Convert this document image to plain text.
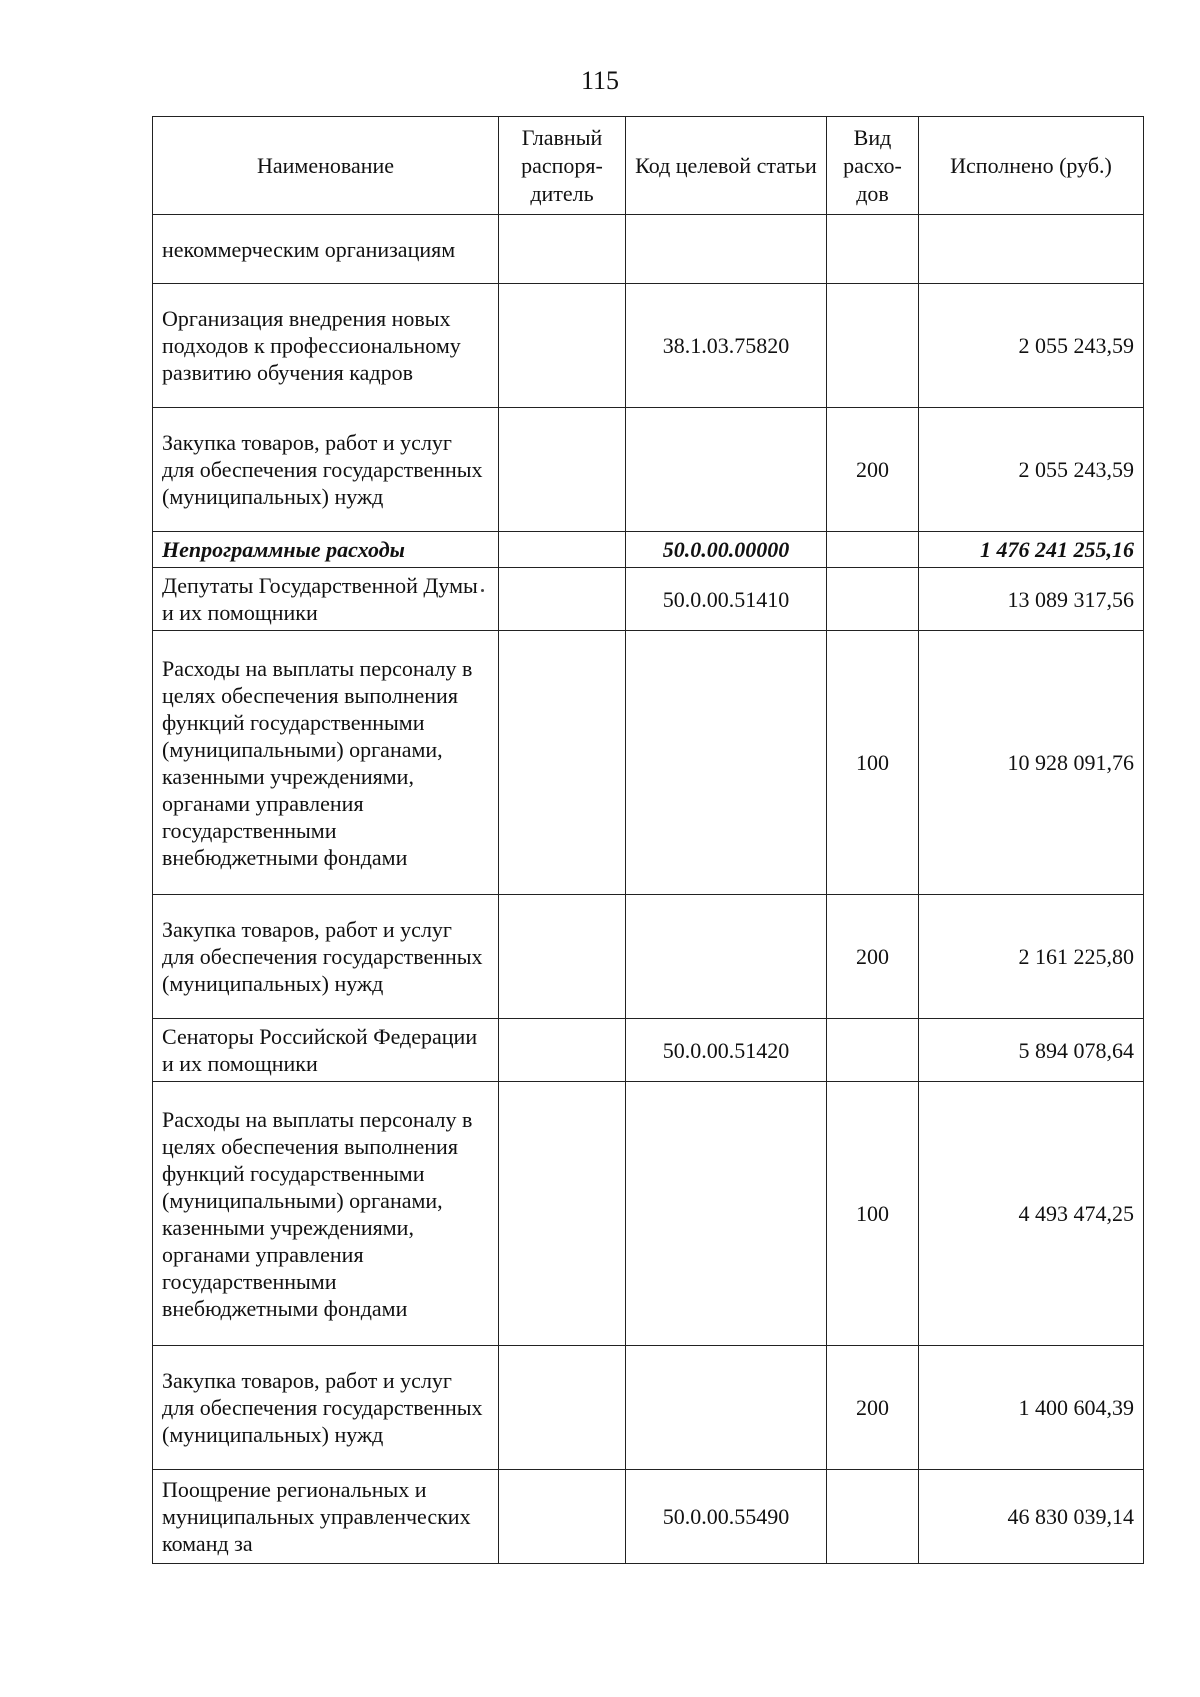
115
Наименование	Главный распоря-дитель	Код целевой статьи	Вид расхо-дов	Исполнено (руб.)
некоммерческим организациям				
Организация внедрения новых подходов к профессиональному развитию обучения кадров		38.1.03.75820		2 055 243,59
Закупка товаров, работ и услуг для обеспечения государственных (муниципальных) нужд			200	2 055 243,59
Непрограммные расходы		50.0.00.00000		1 476 241 255,16
Депутаты Государственной Думы и их помощники		50.0.00.51410		13 089 317,56
Расходы на выплаты персоналу в целях обеспечения выполнения функций государственными (муниципальными) органами, казенными учреждениями, органами управления государственными внебюджетными фондами			100	10 928 091,76
Закупка товаров, работ и услуг для обеспечения государственных (муниципальных) нужд			200	2 161 225,80
Сенаторы Российской Федерации и их помощники		50.0.00.51420		5 894 078,64
Расходы на выплаты персоналу в целях обеспечения выполнения функций государственными (муниципальными) органами, казенными учреждениями, органами управления государственными внебюджетными фондами			100	4 493 474,25
Закупка товаров, работ и услуг для обеспечения государственных (муниципальных) нужд			200	1 400 604,39
Поощрение региональных и муниципальных управленческих команд за		50.0.00.55490		46 830 039,14
